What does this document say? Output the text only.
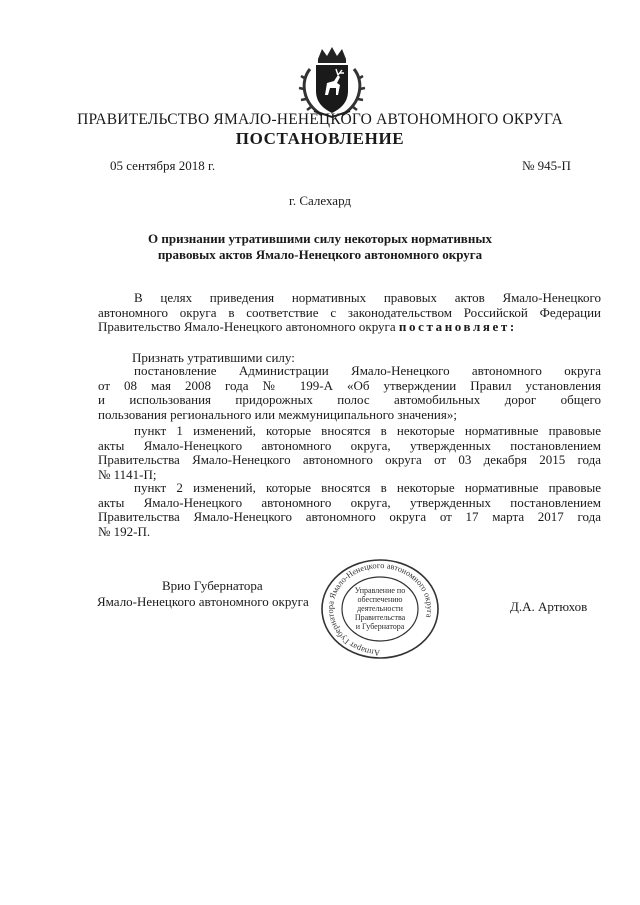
ПРАВИТЕЛЬСТВО ЯМАЛО-НЕНЕЦКОГО АВТОНОМНОГО ОКРУГА
ПОСТАНОВЛЕНИЕ
05 сентября 2018 г.	№ 945-П
г. Салехард
О признании утратившими силу некоторых нормативных
правовых актов Ямало-Ненецкого автономного округа
В целях приведения нормативных правовых актов Ямало-Ненецкого
автономного округа в соответствие с законодательством Российской Федерации
Правительство Ямало-Ненецкого автономного округа постановляет:
Признать утратившими силу:
постановление Администрации Ямало-Ненецкого автономного округа
от 08 мая 2008 года № 199-А «Об утверждении Правил установления
и использования придорожных полос автомобильных дорог общего
пользования регионального или межмуниципального значения»;
пункт 1 изменений, которые вносятся в некоторые нормативные правовые
акты Ямало-Ненецкого автономного округа, утвержденных постановлением
Правительства Ямало-Ненецкого автономного округа от 03 декабря 2015 года
№ 1141-П;
пункт 2 изменений, которые вносятся в некоторые нормативные правовые
акты Ямало-Ненецкого автономного округа, утвержденных постановлением
Правительства Ямало-Ненецкого автономного округа от 17 марта 2017 года
№ 192-П.
Врио Губернатора
Ямало-Ненецкого автономного округа	Д.А. Артюхов
Аппарат Губернатора Ямало-Ненецкого автономного округа
Управление по
обеспечению
деятельности
Правительства
и Губернатора
